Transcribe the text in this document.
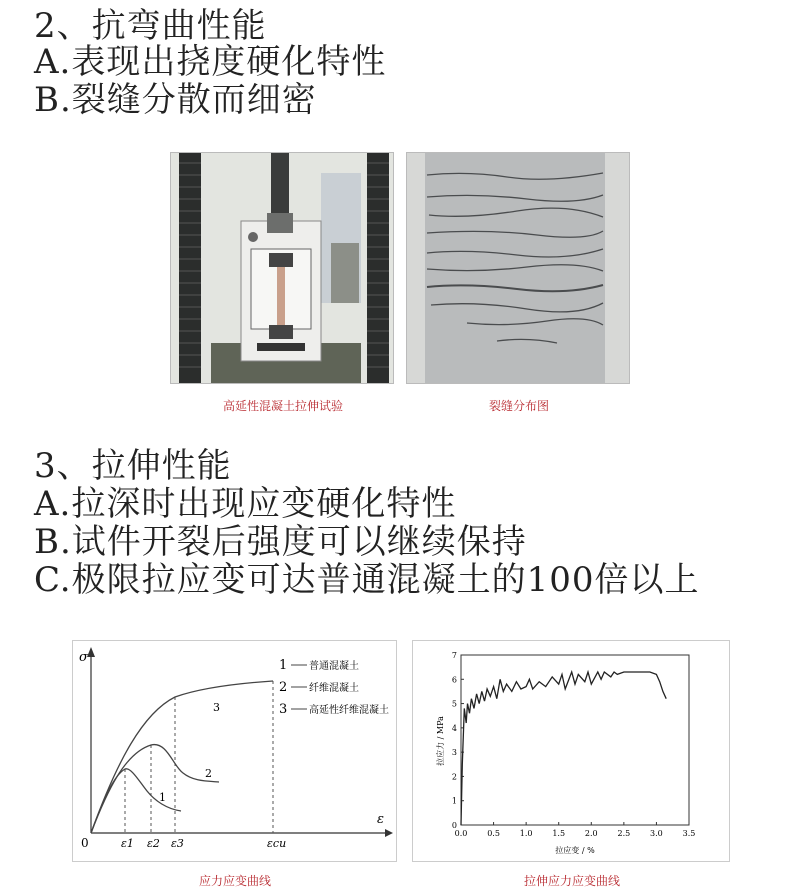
2、抗弯曲性能
A.表现出挠度硬化特性
B.裂缝分散而细密
高延性混凝土拉伸试验	裂缝分布图
3、拉伸性能
A.拉深时出现应变硬化特性
B.试件开裂后强度可以继续保持
C.极限拉应变可达普通混凝土的100倍以上
σ
ε
0
1
2
3
ε1 ε2 ε3	εcu
1 普通混凝土
2 纤维混凝土
3 高延性纤维混凝土
0.0 0.5 1.0 1.5 2.0 2.5 3.0 3.5
0
1
2
3
4
5
6
7
拉应变 / %
拉应力 / MPa
应力应变曲线	拉伸应力应变曲线
